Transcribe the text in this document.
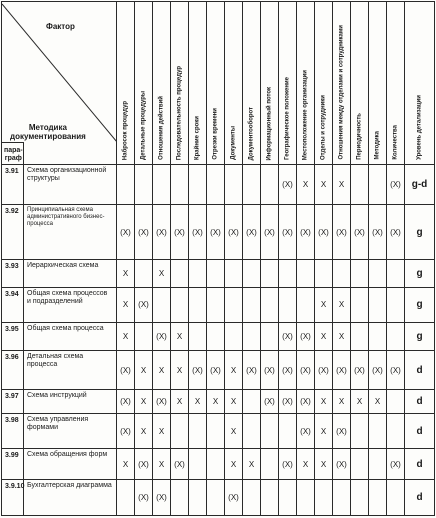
Фактор
Методика
документирования
пара-
граф		Набросок процедур	Детальные процедуры	Отношения действий	Последовательность процедур	Крайние сроки	Отрезки времени	Документы	Документооборот	Информационный поток	Географическое положение	Местоположение организации	Отделы и сотрудники	Отношения между отделами и сотрудниками	Периодичность	Методика	Количества	Уровень детализации

3.91	Схема организационной структуры										(X)	X	X	X			(X)	g-d
3.92	Принципиальная схема административного бизнес-процесса	(X)	(X)	(X)	(X)	(X)	(X)	(X)	(X)	(X)	(X)	(X)	(X)	(X)	(X)	(X)	(X)	g
3.93	Иерархическая схема	X		X														g
3.94	Общая схема процессов и подразделений	X	(X)										X	X				g
3.95	Общая схема процесса	X		(X)	X						(X)	(X)	X	X				g
3.96	Детальная схема процесса	(X)	X	X	X	(X)	(X)	X	(X)	(X)	(X)	(X)	(X)	(X)	(X)	(X)	(X)	d
3.97	Схема инструкций	(X)	X	(X)	X	X	X	X		(X)	(X)	(X)	X	X	X	X		d
3.98	Схема управления формами	(X)	X	X				X				(X)	X	(X)				d
3.99	Схема обращения форм	X	(X)	X	(X)			X	X		(X)	X	X	(X)			(X)	d
3.9.10	Бухгалтерская диаграмма		(X)	(X)				(X)										d
